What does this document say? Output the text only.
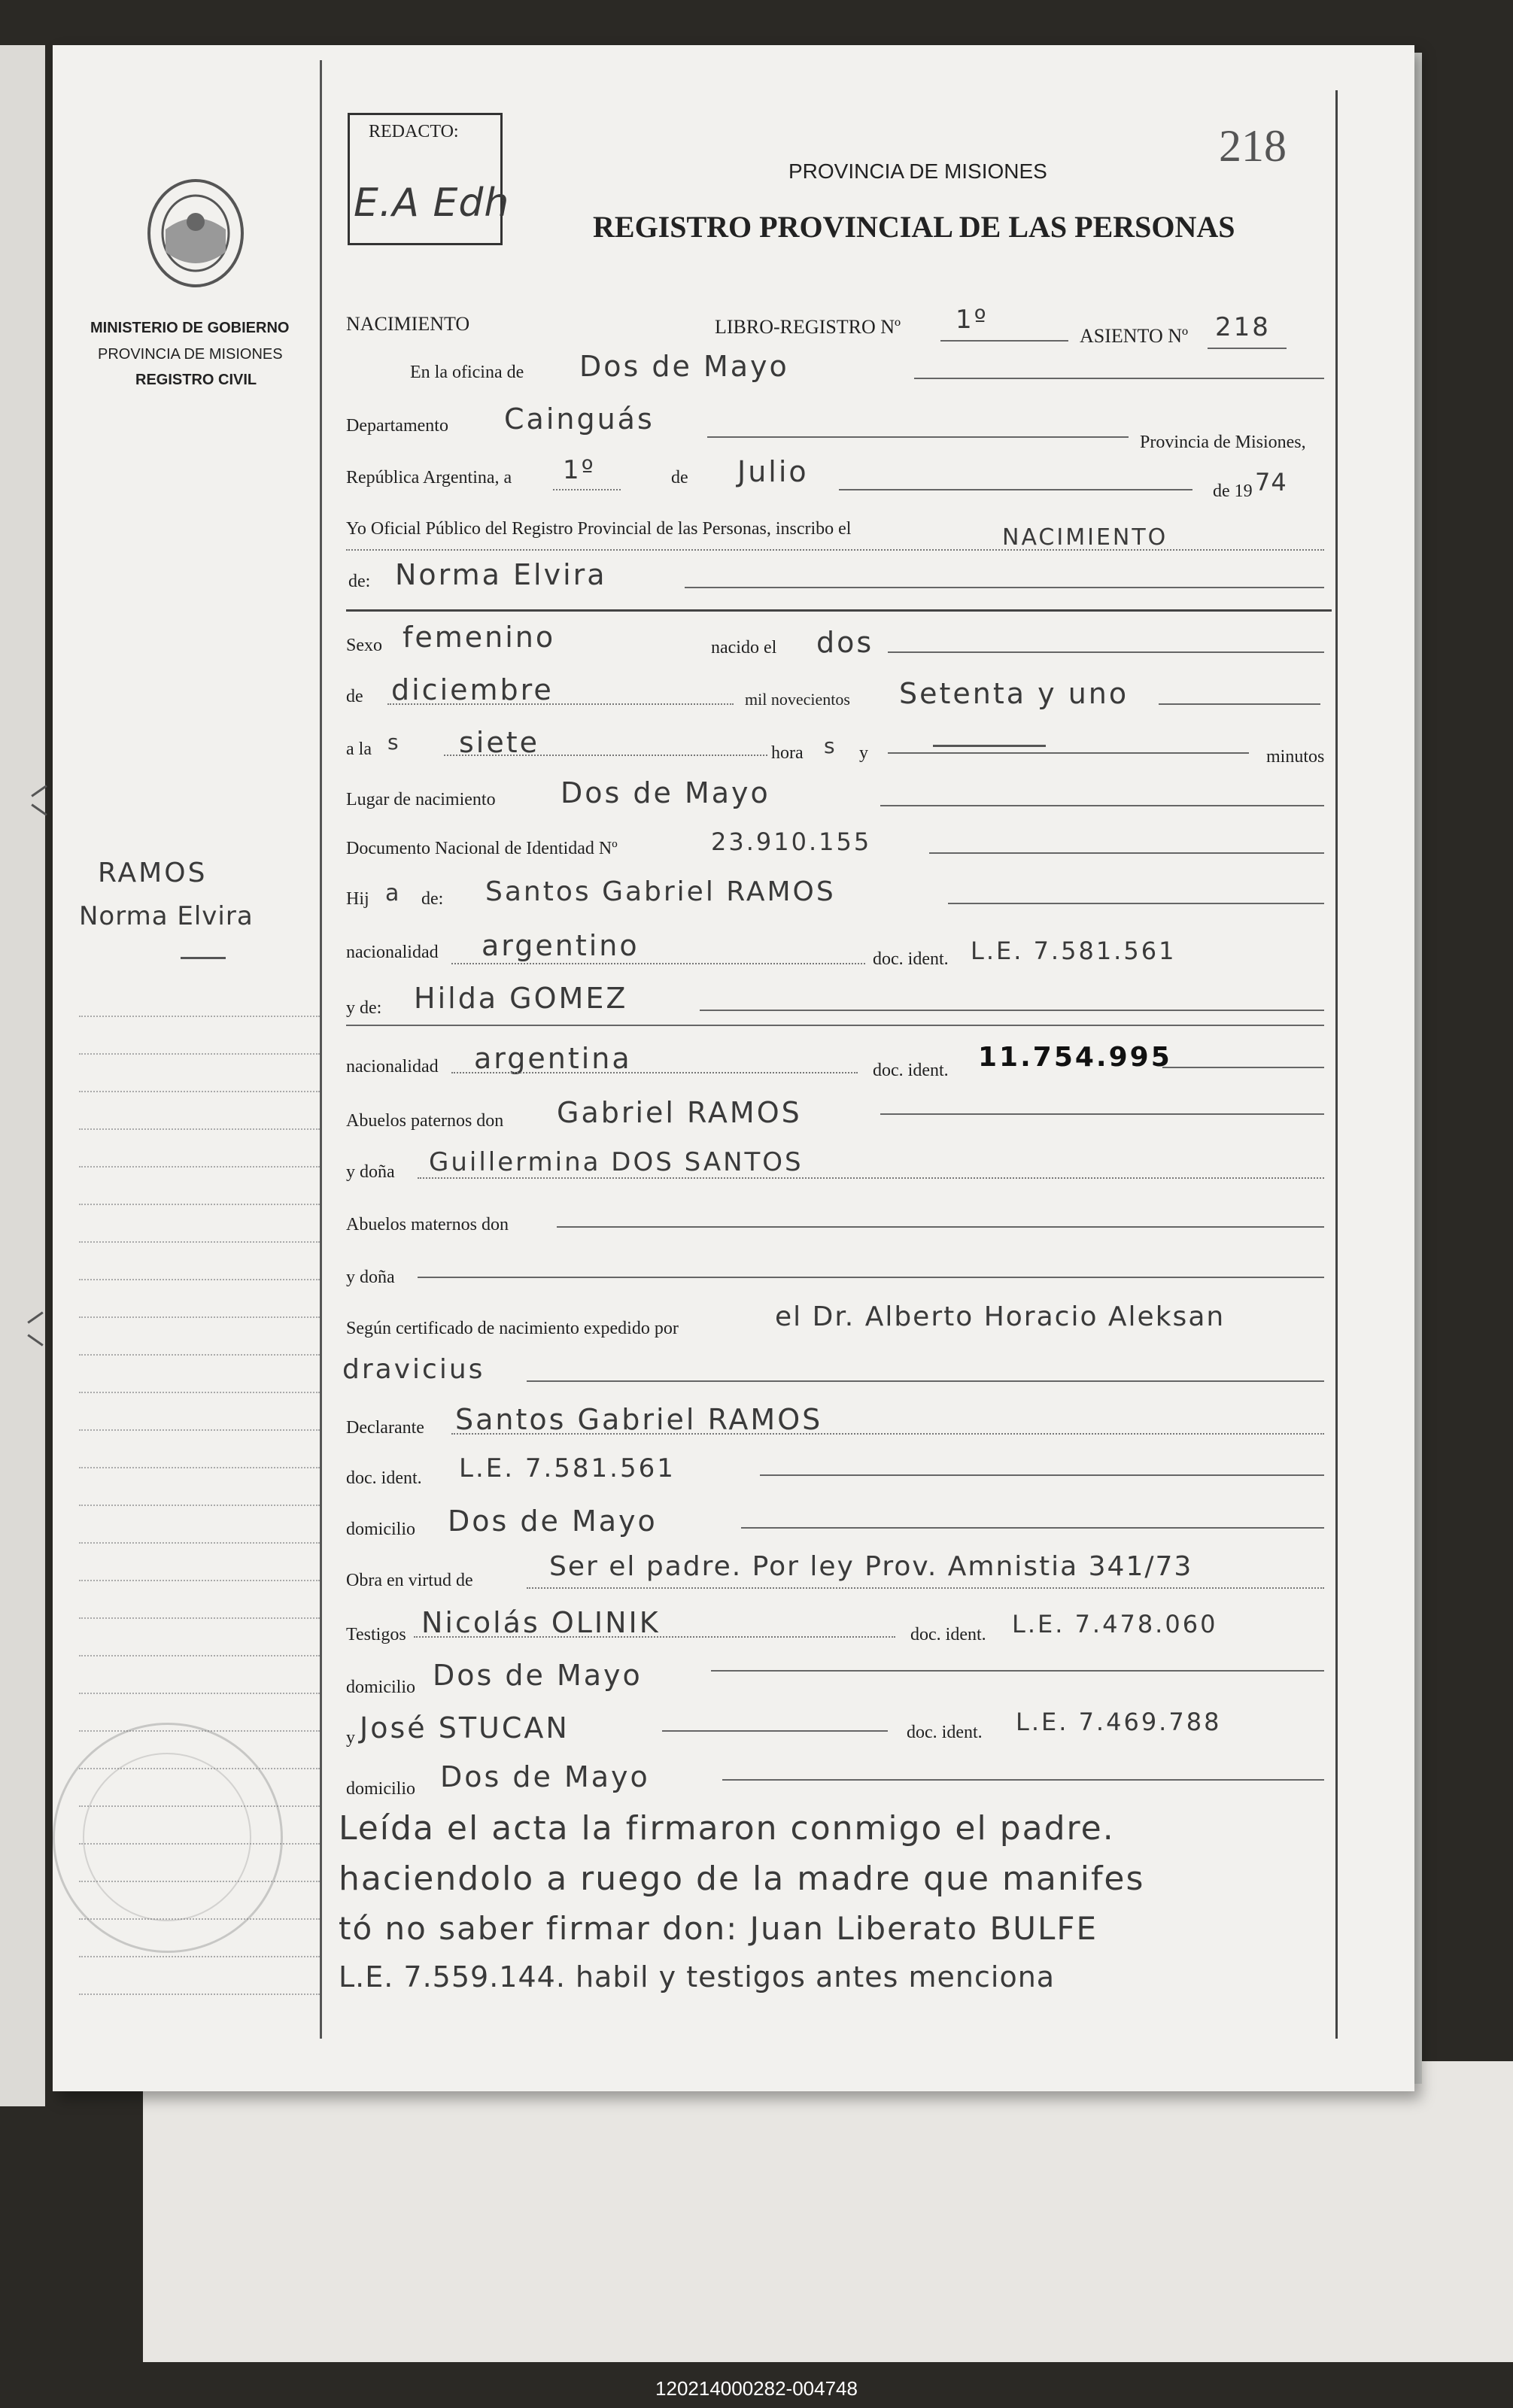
REDACTO:
E.A Edh
218
PROVINCIA DE MISIONES
REGISTRO PROVINCIAL DE LAS PERSONAS
MINISTERIO DE GOBIERNO
PROVINCIA DE MISIONES
REGISTRO CIVIL
RAMOS
Norma Elvira
NACIMIENTO	LIBRO-REGISTRO Nº 1º
ASIENTO Nº 218
En la oficina de Dos de Mayo
Departamento Cainguás
Provincia de Misiones,
República Argentina, a 1º	de Julio
de 19 74
Yo Oficial Público del Registro Provincial de las Personas, inscribo el	NACIMIENTO
de: Norma Elvira
Sexo femenino	nacido el dos
de diciembre	mil novecientos Setenta y uno
a la s siete	hora s y	minutos
Lugar de nacimiento Dos de Mayo
Documento Nacional de Identidad Nº	23.910.155
Hij a de: Santos Gabriel RAMOS
nacionalidad argentino	doc. ident. L.E. 7.581.561
y de: Hilda GOMEZ
nacionalidad argentina	doc. ident. 11.754.995
Abuelos paternos don Gabriel RAMOS
y doña Guillermina DOS SANTOS
Abuelos maternos don
y doña
Según certificado de nacimiento expedido por	el Dr. Alberto Horacio Aleksan
dravicius
Declarante Santos Gabriel RAMOS
doc. ident. L.E. 7.581.561
domicilio Dos de Mayo
Obra en virtud de	Ser el padre. Por ley Prov. Amnistia 341/73
Testigos Nicolás OLINIK	doc. ident. L.E. 7.478.060
domicilio Dos de Mayo
y José STUCAN	doc. ident. L.E. 7.469.788
domicilio Dos de Mayo
Leída el acta la firmaron conmigo el padre.
haciendolo a ruego de la madre que manifes
tó no saber firmar don: Juan Liberato BULFE
L.E. 7.559.144. habil y testigos antes menciona
120214000282-004748
